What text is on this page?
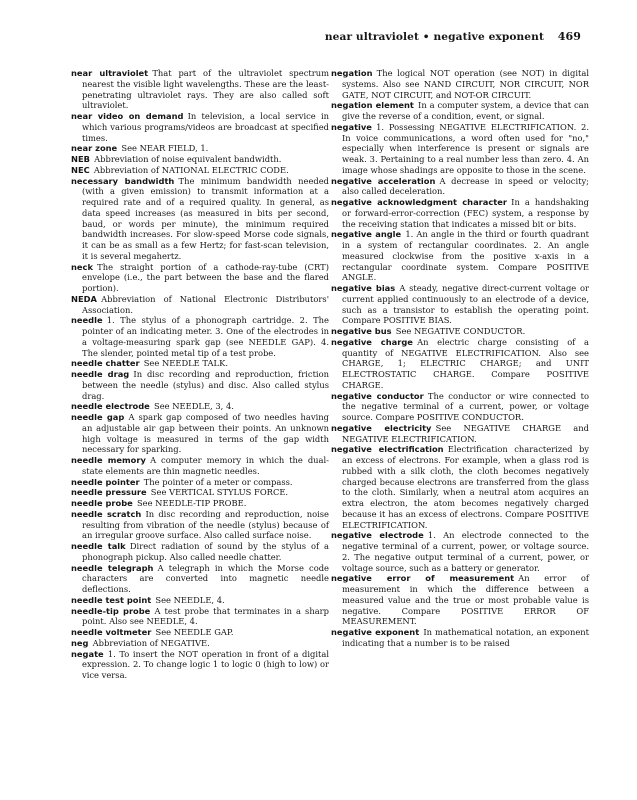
near ultraviolet • negative exponent 469

near ultraviolet  That part of the ultraviolet spectrum nearest the visible light wavelengths. These are the least-penetrating ultraviolet rays. They are also called soft ultraviolet.

near video on demand  In television, a local service in which various programs/videos are broadcast at specified times.

near zone  See NEAR FIELD, 1.

NEB  Abbreviation of noise equivalent bandwidth.

NEC  Abbreviation of NATIONAL ELECTRIC CODE.

necessary bandwidth  The minimum bandwidth needed (with a given emission) to transmit information at a required rate and of a required quality. In general, as data speed increases (as measured in bits per second, baud, or words per minute), the minimum required bandwidth increases. For slow-speed Morse code signals, it can be as small as a few Hertz; for fast-scan television, it is several megahertz.

neck  The straight portion of a cathode-ray-tube (CRT) envelope (i.e., the part between the base and the flared portion).

NEDA  Abbreviation of National Electronic Distributors' Association.

needle  1. The stylus of a phonograph cartridge. 2. The pointer of an indicating meter. 3. One of the electrodes in a voltage-measuring spark gap (see NEEDLE GAP). 4. The slender, pointed metal tip of a test probe.

needle chatter  See NEEDLE TALK.

needle drag  In disc recording and reproduction, friction between the needle (stylus) and disc. Also called stylus drag.

needle electrode  See NEEDLE, 3, 4.

needle gap  A spark gap composed of two needles having an adjustable air gap between their points. An unknown high voltage is measured in terms of the gap width necessary for sparking.

needle memory  A computer memory in which the dual-state elements are thin magnetic needles.

needle pointer  The pointer of a meter or compass.

needle pressure  See VERTICAL STYLUS FORCE.

needle probe  See NEEDLE-TIP PROBE.

needle scratch  In disc recording and reproduction, noise resulting from vibration of the needle (stylus) because of an irregular groove surface. Also called surface noise.

needle talk  Direct radiation of sound by the stylus of a phonograph pickup. Also called needle chatter.

needle telegraph  A telegraph in which the Morse code characters are converted into magnetic needle deflections.

needle test point  See NEEDLE, 4.

needle-tip probe  A test probe that terminates in a sharp point. Also see NEEDLE, 4.

needle voltmeter  See NEEDLE GAP.

neg  Abbreviation of NEGATIVE.

negate  1. To insert the NOT operation in front of a digital expression. 2. To change logic 1 to logic 0 (high to low) or vice versa.

negation  The logical NOT operation (see NOT) in digital systems. Also see NAND CIRCUIT, NOR CIRCUIT, NOR GATE, NOT CIRCUIT, and NOT-OR CIRCUIT.

negation element  In a computer system, a device that can give the reverse of a condition, event, or signal.

negative  1. Possessing NEGATIVE ELECTRIFICATION. 2. In voice communications, a word often used for "no," especially when interference is present or signals are weak. 3. Pertaining to a real number less than zero. 4. An image whose shadings are opposite to those in the scene.

negative acceleration  A decrease in speed or velocity; also called deceleration.

negative acknowledgment character  In a handshaking or forward-error-correction (FEC) system, a response by the receiving station that indicates a missed bit or bits.

negative angle  1. An angle in the third or fourth quadrant in a system of rectangular coordinates. 2. An angle measured clockwise from the positive x-axis in a rectangular coordinate system. Compare POSITIVE ANGLE.

negative bias  A steady, negative direct-current voltage or current applied continuously to an electrode of a device, such as a transistor to establish the operating point. Compare POSITIVE BIAS.

negative bus  See NEGATIVE CONDUCTOR.

negative charge  An electric charge consisting of a quantity of NEGATIVE ELECTRIFICATION. Also see CHARGE, 1; ELECTRIC CHARGE; and UNIT ELECTROSTATIC CHARGE. Compare POSITIVE CHARGE.

negative conductor  The conductor or wire connected to the negative terminal of a current, power, or voltage source. Compare POSITIVE CONDUCTOR.

negative electricity  See NEGATIVE CHARGE and NEGATIVE ELECTRIFICATION.

negative electrification  Electrification characterized by an excess of electrons. For example, when a glass rod is rubbed with a silk cloth, the cloth becomes negatively charged because electrons are transferred from the glass to the cloth. Similarly, when a neutral atom acquires an extra electron, the atom becomes negatively charged because it has an excess of electrons. Compare POSITIVE ELECTRIFICATION.

negative electrode  1. An electrode connected to the negative terminal of a current, power, or voltage source. 2. The negative output terminal of a current, power, or voltage source, such as a battery or generator.

negative error of measurement  An error of measurement in which the difference between a measured value and the true or most probable value is negative. Compare POSITIVE ERROR OF MEASUREMENT.

negative exponent  In mathematical notation, an exponent indicating that a number is to be raised
